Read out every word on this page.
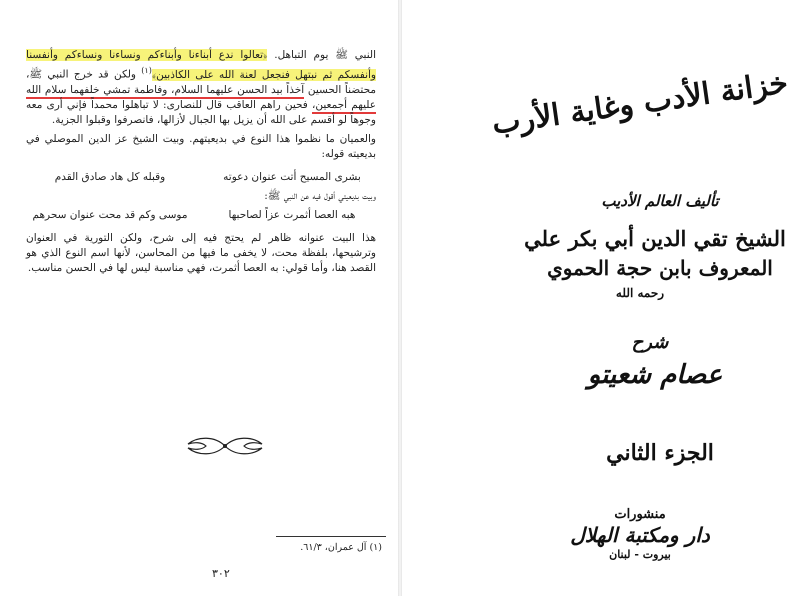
النبي ﷺ يوم التباهل. ﴿تعالوا ندع أبناءنا وأبناءكم ونساءنا ونساءكم وأنفسنا وأنفسكم ثم نبتهل فنجعل لعنة الله على الكاذبين﴾$^{(١)}$ ولكن قد خرج النبي ﷺ، محتضناً الحسين آخذاً بيد الحسن عليهما السلام، وفاطمة تمشي خلفهما سلام الله عليهم أجمعين، فحين راهم العاقب قال للنصارى: لا تباهلوا محمداً فإني أرى معه وجوهاً لو أقسم على الله أن يزيل بها الجبال لأزالها، فانصرفوا وقبلوا الجزية.

والعميان ما نظموا هذا النوع في بديعيتهم. وبيت الشيخ عز الدين الموصلي في بديعيته قوله:

بشرى المسيح أتت عنوان دعوته
وقبله كل هاد صادق القدم

وبيت بديعيتي أقول فيه عن النبي ﷺ:

هبه العصا أثمرت عزاً لصاحبها
موسى وكم قد محت عنوان سحرهم

هذا البيت عنوانه ظاهر لم يحتج فيه إلى شرح، ولكن التورية في العنوان وترشيحها، بلفظة محت، لا يخفى ما فيها من المحاسن، لأنها اسم النوع الذي هو القصد هنا، وأما قولي: به العصا أثمرت، فهي مناسبة ليس لها في الحسن مناسب.

(١) آل عمران، ٦١/٣.
٣٠٢
خزانة الأدب وغاية الأرب
تأليف العالم الأديب
الشيخ تقي الدين أبي بكر علي
المعروف بابن حجة الحموي
رحمه الله
شرح
عصام شعيتو
الجزء الثاني
منشورات
دار ومكتبة الهلال
بيروت - لبنان
